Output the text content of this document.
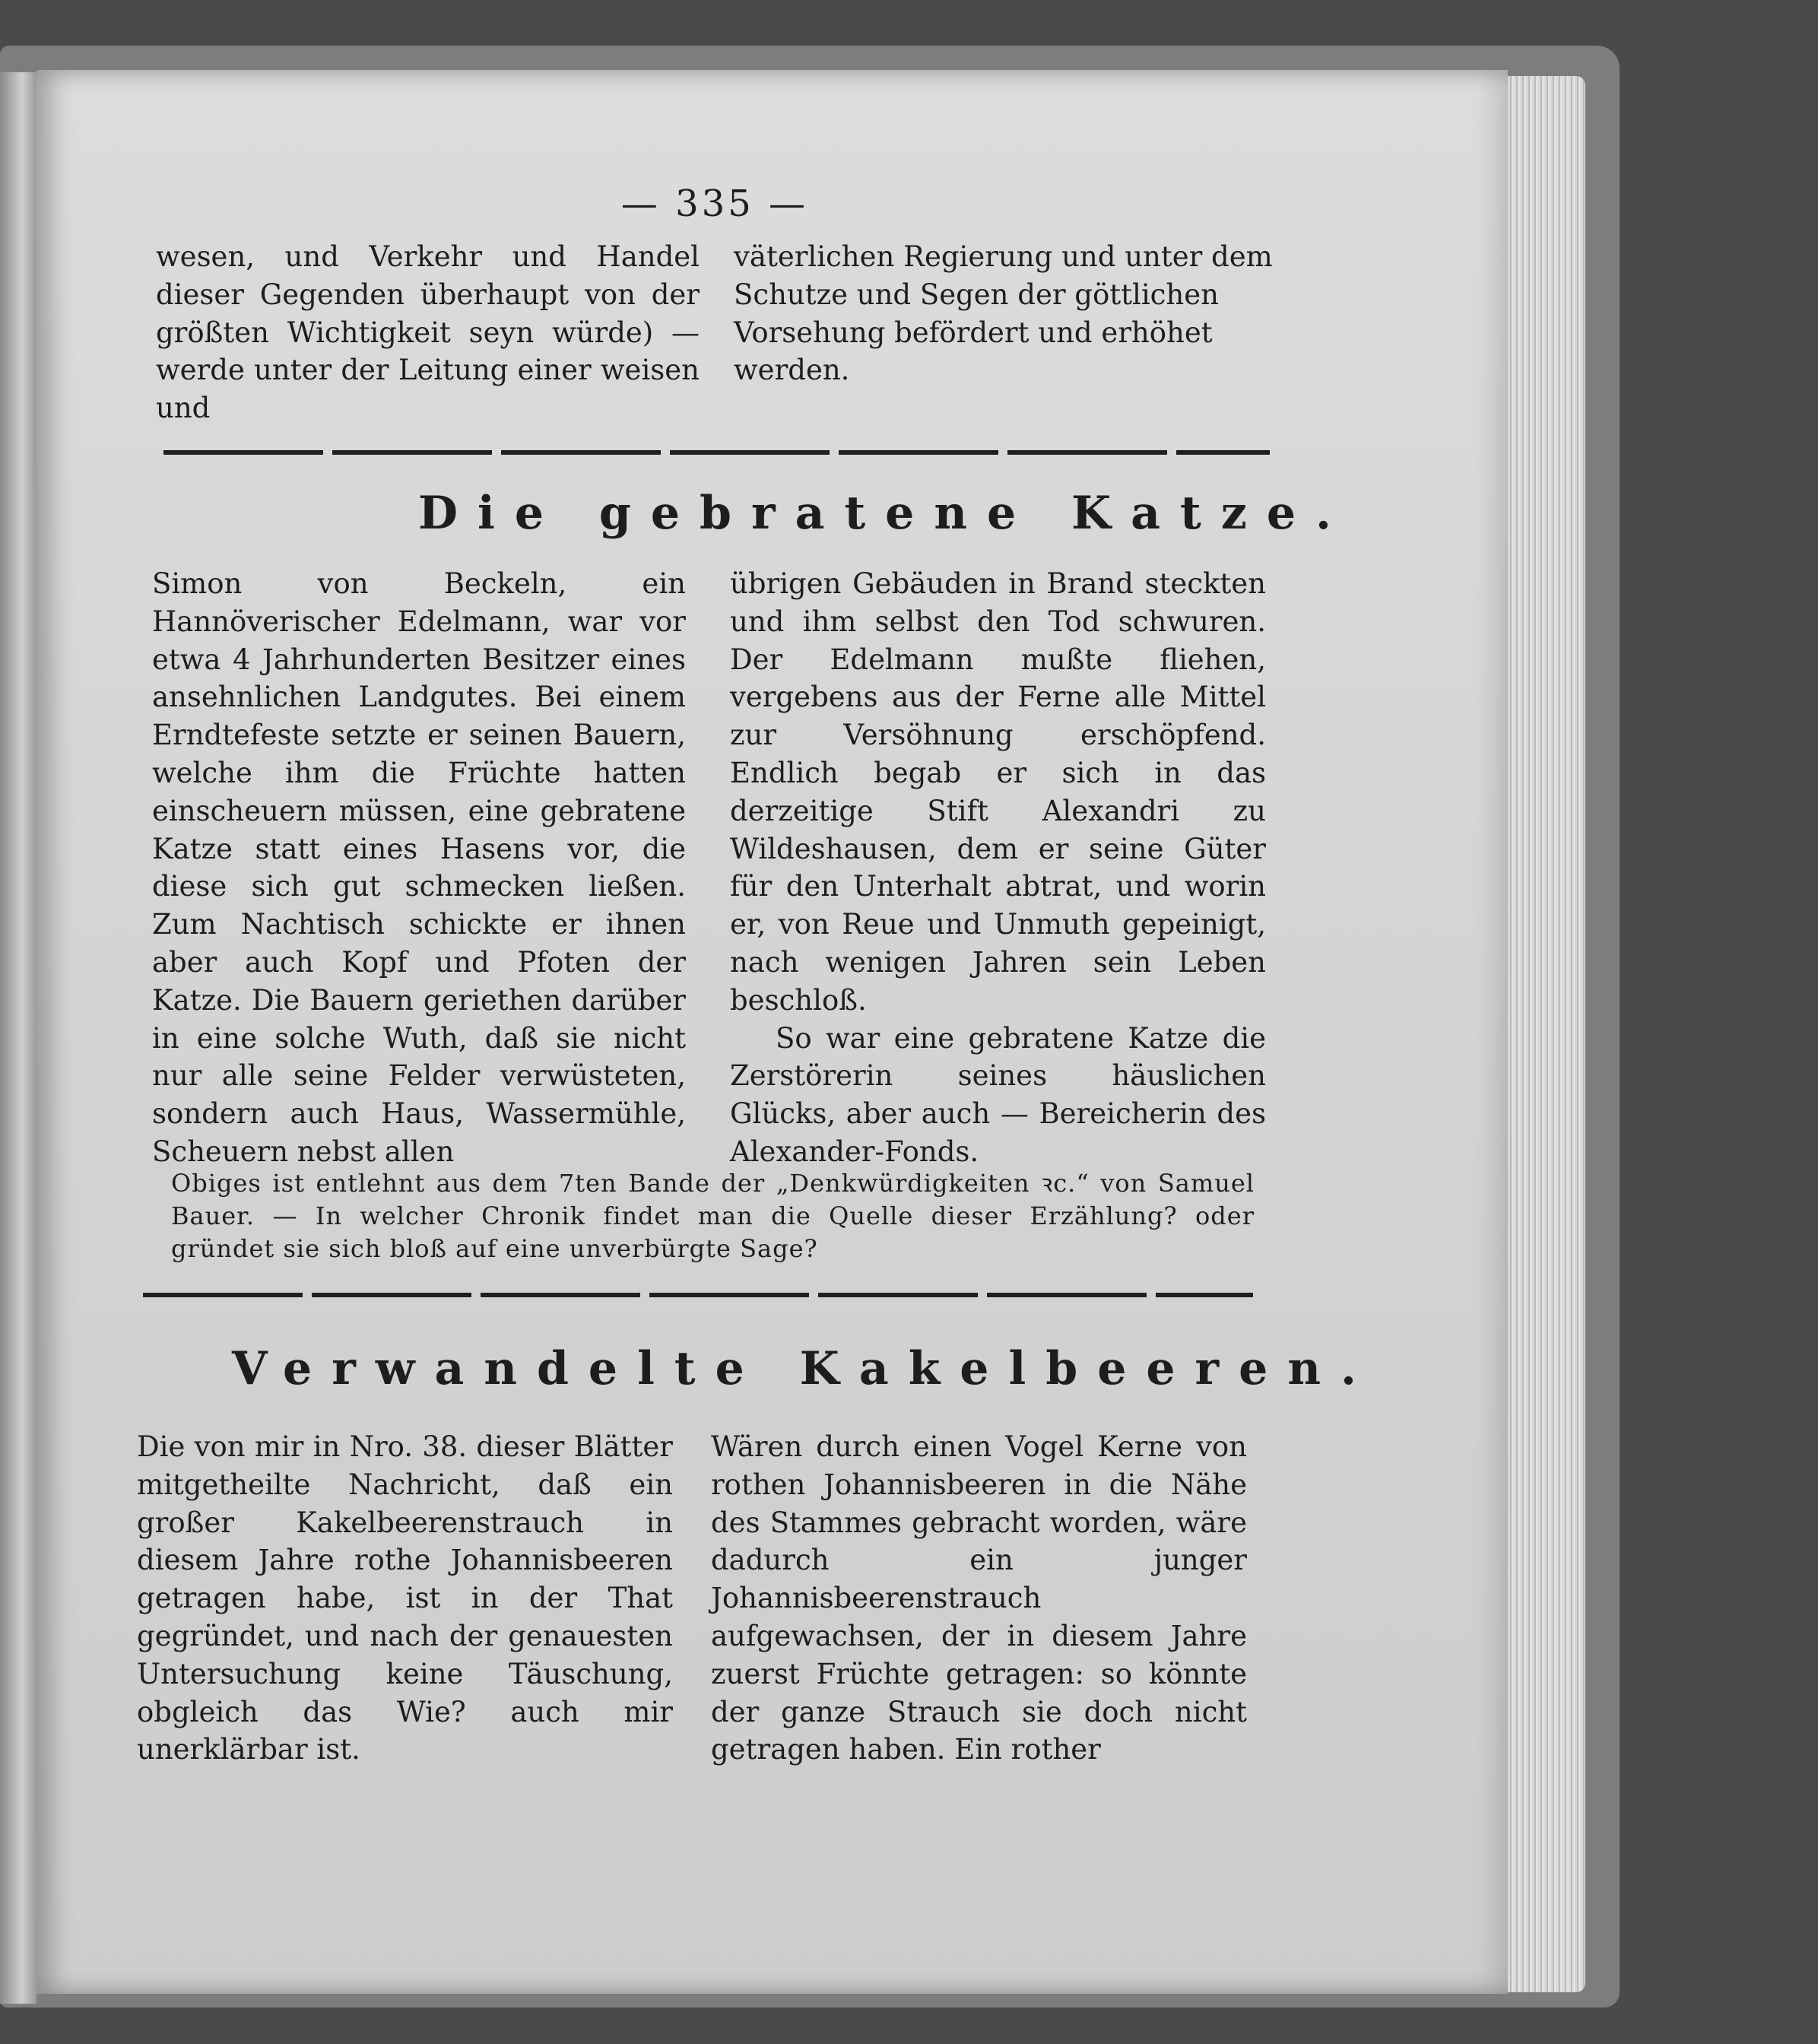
— 335 —

wesen, und Verkehr und Handel dieser Gegenden überhaupt von der größten Wichtigkeit seyn würde) — werde unter der Leitung einer weisen und

väterlichen Regierung und unter dem Schutze und Segen der göttlichen Vorsehung befördert und erhöhet werden.

Die gebratene Katze.

Simon von Beckeln, ein Hannöverischer Edelmann, war vor etwa 4 Jahrhunderten Besitzer eines ansehnlichen Landgutes. Bei einem Erndtefeste setzte er seinen Bauern, welche ihm die Früchte hatten einscheuern müssen, eine gebratene Katze statt eines Hasens vor, die diese sich gut schmecken ließen. Zum Nachtisch schickte er ihnen aber auch Kopf und Pfoten der Katze. Die Bauern geriethen darüber in eine solche Wuth, daß sie nicht nur alle seine Felder verwüsteten, sondern auch Haus, Wassermühle, Scheuern nebst allen

übrigen Gebäuden in Brand steckten und ihm selbst den Tod schwuren. Der Edelmann mußte fliehen, vergebens aus der Ferne alle Mittel zur Versöhnung erschöpfend. Endlich begab er sich in das derzeitige Stift Alexandri zu Wildeshausen, dem er seine Güter für den Unterhalt abtrat, und worin er, von Reue und Unmuth gepeinigt, nach wenigen Jahren sein Leben beschloß.

So war eine gebratene Katze die Zerstörerin seines häuslichen Glücks, aber auch — Bereicherin des Alexander-Fonds.

Obiges ist entlehnt aus dem 7ten Bande der „Denkwürdigkeiten ꝛc.“ von Samuel Bauer. — In welcher Chronik findet man die Quelle dieser Erzählung? oder gründet sie sich bloß auf eine unverbürgte Sage?
Verwandelte Kakelbeeren.

Die von mir in Nro. 38. dieser Blätter mitgetheilte Nachricht, daß ein großer Kakelbeerenstrauch in diesem Jahre rothe Johannisbeeren getragen habe, ist in der That gegründet, und nach der genauesten Untersuchung keine Täuschung, obgleich das Wie? auch mir unerklärbar ist.

Wären durch einen Vogel Kerne von rothen Johannisbeeren in die Nähe des Stammes gebracht worden, wäre dadurch ein junger Johannisbeerenstrauch aufgewachsen, der in diesem Jahre zuerst Früchte getragen: so könnte der ganze Strauch sie doch nicht getragen haben. Ein rother
